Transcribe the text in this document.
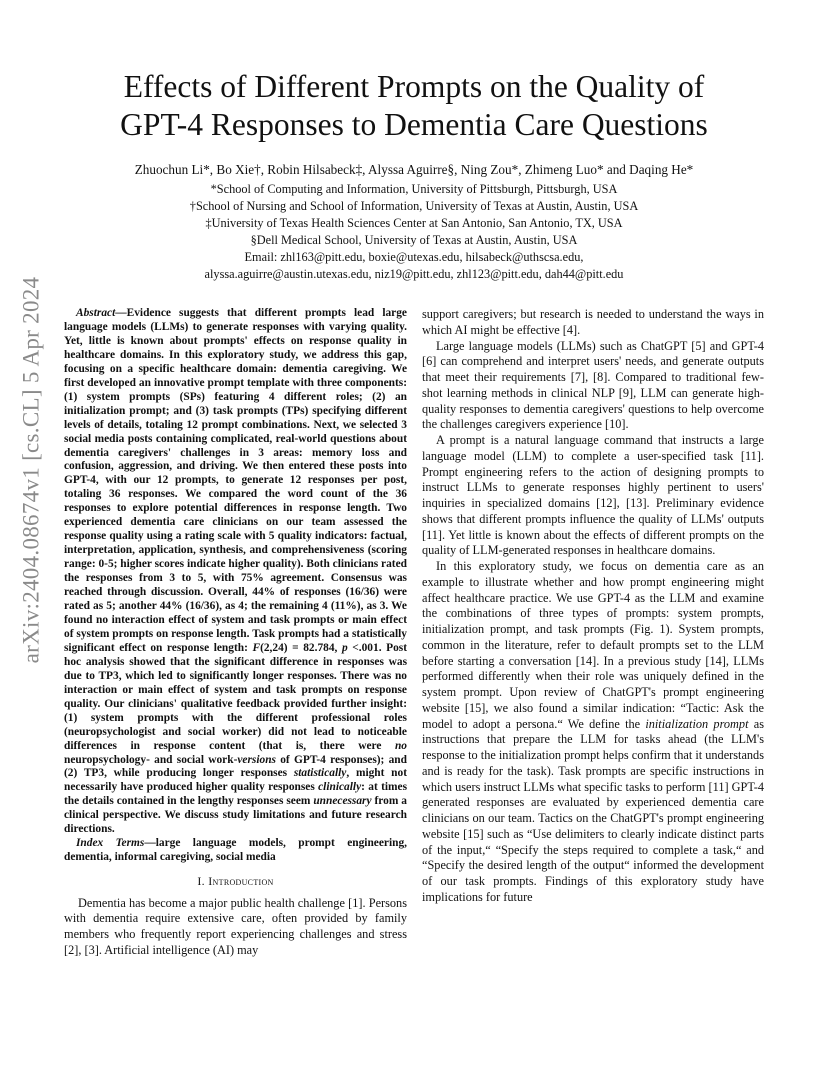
arXiv:2404.08674v1 [cs.CL] 5 Apr 2024
Effects of Different Prompts on the Quality of
GPT-4 Responses to Dementia Care Questions
Zhuochun Li*, Bo Xie†, Robin Hilsabeck‡, Alyssa Aguirre§, Ning Zou*, Zhimeng Luo* and Daqing He*
*School of Computing and Information, University of Pittsburgh, Pittsburgh, USA
†School of Nursing and School of Information, University of Texas at Austin, Austin, USA
‡University of Texas Health Sciences Center at San Antonio, San Antonio, TX, USA
§Dell Medical School, University of Texas at Austin, Austin, USA
Email: zhl163@pitt.edu, boxie@utexas.edu, hilsabeck@uthscsa.edu,
alyssa.aguirre@austin.utexas.edu, niz19@pitt.edu, zhl123@pitt.edu, dah44@pitt.edu

Abstract—Evidence suggests that different prompts lead large language models (LLMs) to generate responses with varying quality. Yet, little is known about prompts' effects on response quality in healthcare domains. In this exploratory study, we address this gap, focusing on a specific healthcare domain: dementia caregiving. We first developed an innovative prompt template with three components: (1) system prompts (SPs) featuring 4 different roles; (2) an initialization prompt; and (3) task prompts (TPs) specifying different levels of details, totaling 12 prompt combinations. Next, we selected 3 social media posts containing complicated, real-world questions about dementia caregivers' challenges in 3 areas: memory loss and confusion, aggression, and driving. We then entered these posts into GPT-4, with our 12 prompts, to generate 12 responses per post, totaling 36 responses. We compared the word count of the 36 responses to explore potential differences in response length. Two experienced dementia care clinicians on our team assessed the response quality using a rating scale with 5 quality indicators: factual, interpretation, application, synthesis, and comprehensiveness (scoring range: 0-5; higher scores indicate higher quality). Both clinicians rated the responses from 3 to 5, with 75% agreement. Consensus was reached through discussion. Overall, 44% of responses (16/36) were rated as 5; another 44% (16/36), as 4; the remaining 4 (11%), as 3. We found no interaction effect of system and task prompts or main effect of system prompts on response length. Task prompts had a statistically significant effect on response length: F(2,24) = 82.784, p <.001. Post hoc analysis showed that the significant difference in responses was due to TP3, which led to significantly longer responses. There was no interaction or main effect of system and task prompts on response quality. Our clinicians' qualitative feedback provided further insight: (1) system prompts with the different professional roles (neuropsychologist and social worker) did not lead to noticeable differences in response content (that is, there were no neuropsychology- and social work-versions of GPT-4 responses); and (2) TP3, while producing longer responses statistically, might not necessarily have produced higher quality responses clinically: at times the details contained in the lengthy responses seem unnecessary from a clinical perspective. We discuss study limitations and future research directions.

Index Terms—large language models, prompt engineering, dementia, informal caregiving, social media

I. Introduction

Dementia has become a major public health challenge [1]. Persons with dementia require extensive care, often provided by family members who frequently report experiencing challenges and stress [2], [3]. Artificial intelligence (AI) may

support caregivers; but research is needed to understand the ways in which AI might be effective [4].

Large language models (LLMs) such as ChatGPT [5] and GPT-4 [6] can comprehend and interpret users' needs, and generate outputs that meet their requirements [7], [8]. Compared to traditional few-shot learning methods in clinical NLP [9], LLM can generate high-quality responses to dementia caregivers' questions to help overcome the challenges caregivers experience [10].

A prompt is a natural language command that instructs a large language model (LLM) to complete a user-specified task [11]. Prompt engineering refers to the action of designing prompts to instruct LLMs to generate responses highly pertinent to users' inquiries in specialized domains [12], [13]. Preliminary evidence shows that different prompts influence the quality of LLMs' outputs [11]. Yet little is known about the effects of different prompts on the quality of LLM-generated responses in healthcare domains.

In this exploratory study, we focus on dementia care as an example to illustrate whether and how prompt engineering might affect healthcare practice. We use GPT-4 as the LLM and examine the combinations of three types of prompts: system prompts, initialization prompt, and task prompts (Fig. 1). System prompts, common in the literature, refer to default prompts set to the LLM before starting a conversation [14]. In a previous study [14], LLMs performed differently when their role was uniquely defined in the system prompt. Upon review of ChatGPT's prompt engineering website [15], we also found a similar indication: “Tactic: Ask the model to adopt a persona.“ We define the initialization prompt as instructions that prepare the LLM for tasks ahead (the LLM's response to the initialization prompt helps confirm that it understands and is ready for the task). Task prompts are specific instructions in which users instruct LLMs what specific tasks to perform [11] GPT-4 generated responses are evaluated by experienced dementia care clinicians on our team. Tactics on the ChatGPT's prompt engineering website [15] such as “Use delimiters to clearly indicate distinct parts of the input,“ “Specify the steps required to complete a task,“ and “Specify the desired length of the output“ informed the development of our task prompts. Findings of this exploratory study have implications for future
